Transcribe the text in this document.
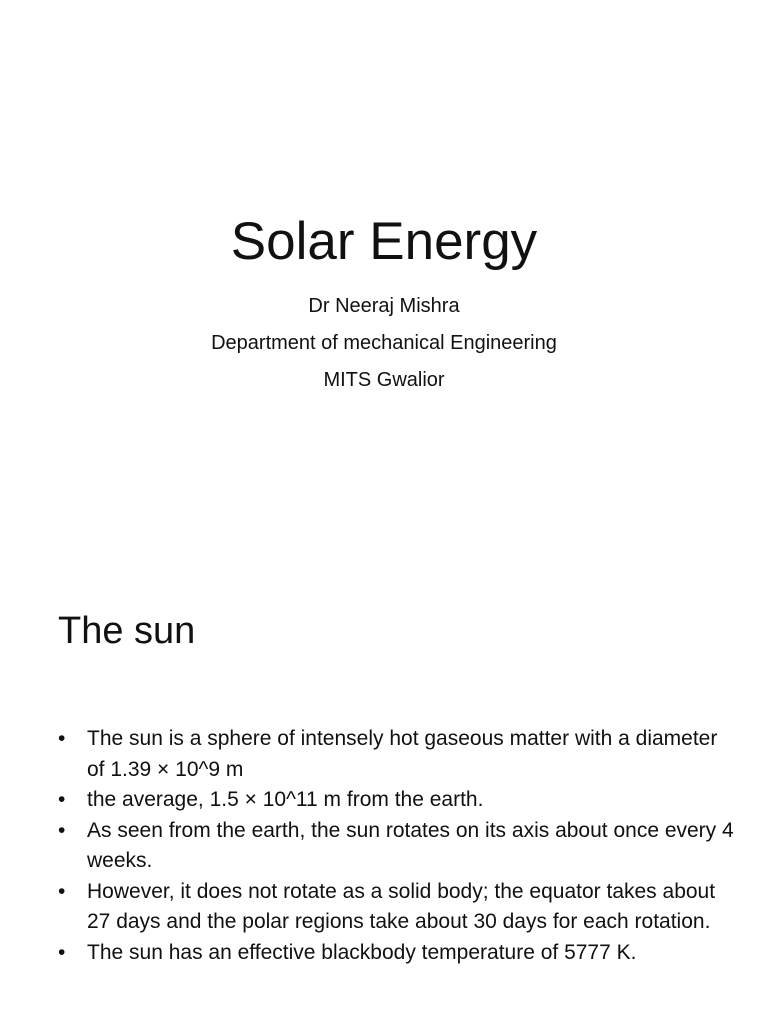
Solar Energy
Dr Neeraj Mishra
Department of mechanical Engineering
MITS Gwalior
The sun
• The sun is a sphere of intensely hot gaseous matter with a diameter of 1.39 × 10^9 m
• the average, 1.5 × 10^11 m from the earth.
• As seen from the earth, the sun rotates on its axis about once every 4 weeks.
• However, it does not rotate as a solid body; the equator takes about 27 days and the polar regions take about 30 days for each rotation.
• The sun has an effective blackbody temperature of 5777 K.
